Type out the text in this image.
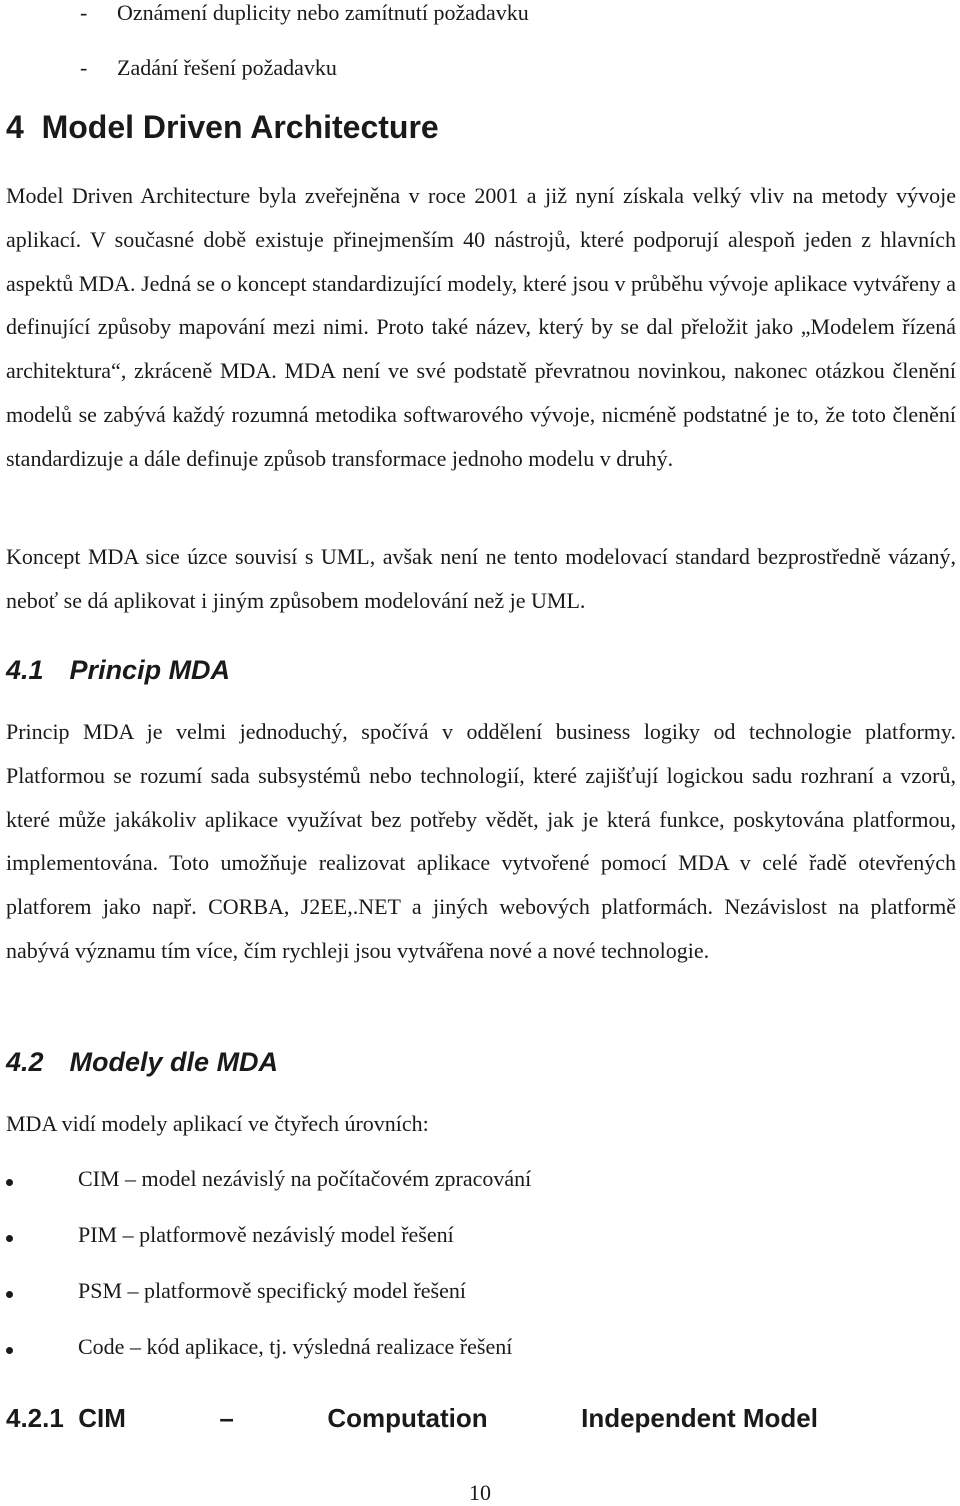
- Oznámení duplicity nebo zamítnutí požadavku
- Zadání řešení požadavku
4 Model Driven Architecture
Model Driven Architecture byla zveřejněna v roce 2001 a již nyní získala velký vliv na metody vývoje aplikací. V současné době existuje přinejmenším 40 nástrojů, které podporují alespoň jeden z hlavních aspektů MDA. Jedná se o koncept standardizující modely, které jsou v průběhu vývoje aplikace vytvářeny a definující způsoby mapování mezi nimi. Proto také název, který by se dal přeložit jako „Modelem řízená architektura“, zkráceně MDA. MDA není ve své podstatě převratnou novinkou, nakonec otázkou členění modelů se zabývá každý rozumná metodika softwarového vývoje, nicméně podstatné je to, že toto členění standardizuje a dále definuje způsob transformace jednoho modelu v druhý.
Koncept MDA sice úzce souvisí s UML, avšak není ne tento modelovací standard bezprostředně vázaný, neboť se dá aplikovat i jiným způsobem modelování než je UML.
4.1 Princip MDA
Princip MDA je velmi jednoduchý, spočívá v oddělení business logiky od technologie platformy. Platformou se rozumí sada subsystémů nebo technologií, které zajišťují logickou sadu rozhraní a vzorů, které může jakákoliv aplikace využívat bez potřeby vědět, jak je která funkce, poskytována platformou, implementována. Toto umožňuje realizovat aplikace vytvořené pomocí MDA v celé řadě otevřených platforem jako např. CORBA, J2EE,.NET a jiných webových platformách. Nezávislost na platformě nabývá významu tím více, čím rychleji jsou vytvářena nové a nové technologie.
4.2 Modely dle MDA
MDA vidí modely aplikací ve čtyřech úrovních:
CIM – model nezávislý na počítačovém zpracování
PIM – platformově nezávislý model řešení
PSM – platformově specifický model řešení
Code – kód aplikace, tj. výsledná realizace řešení
4.2.1 CIM	–	Computation	Independent Model
10
